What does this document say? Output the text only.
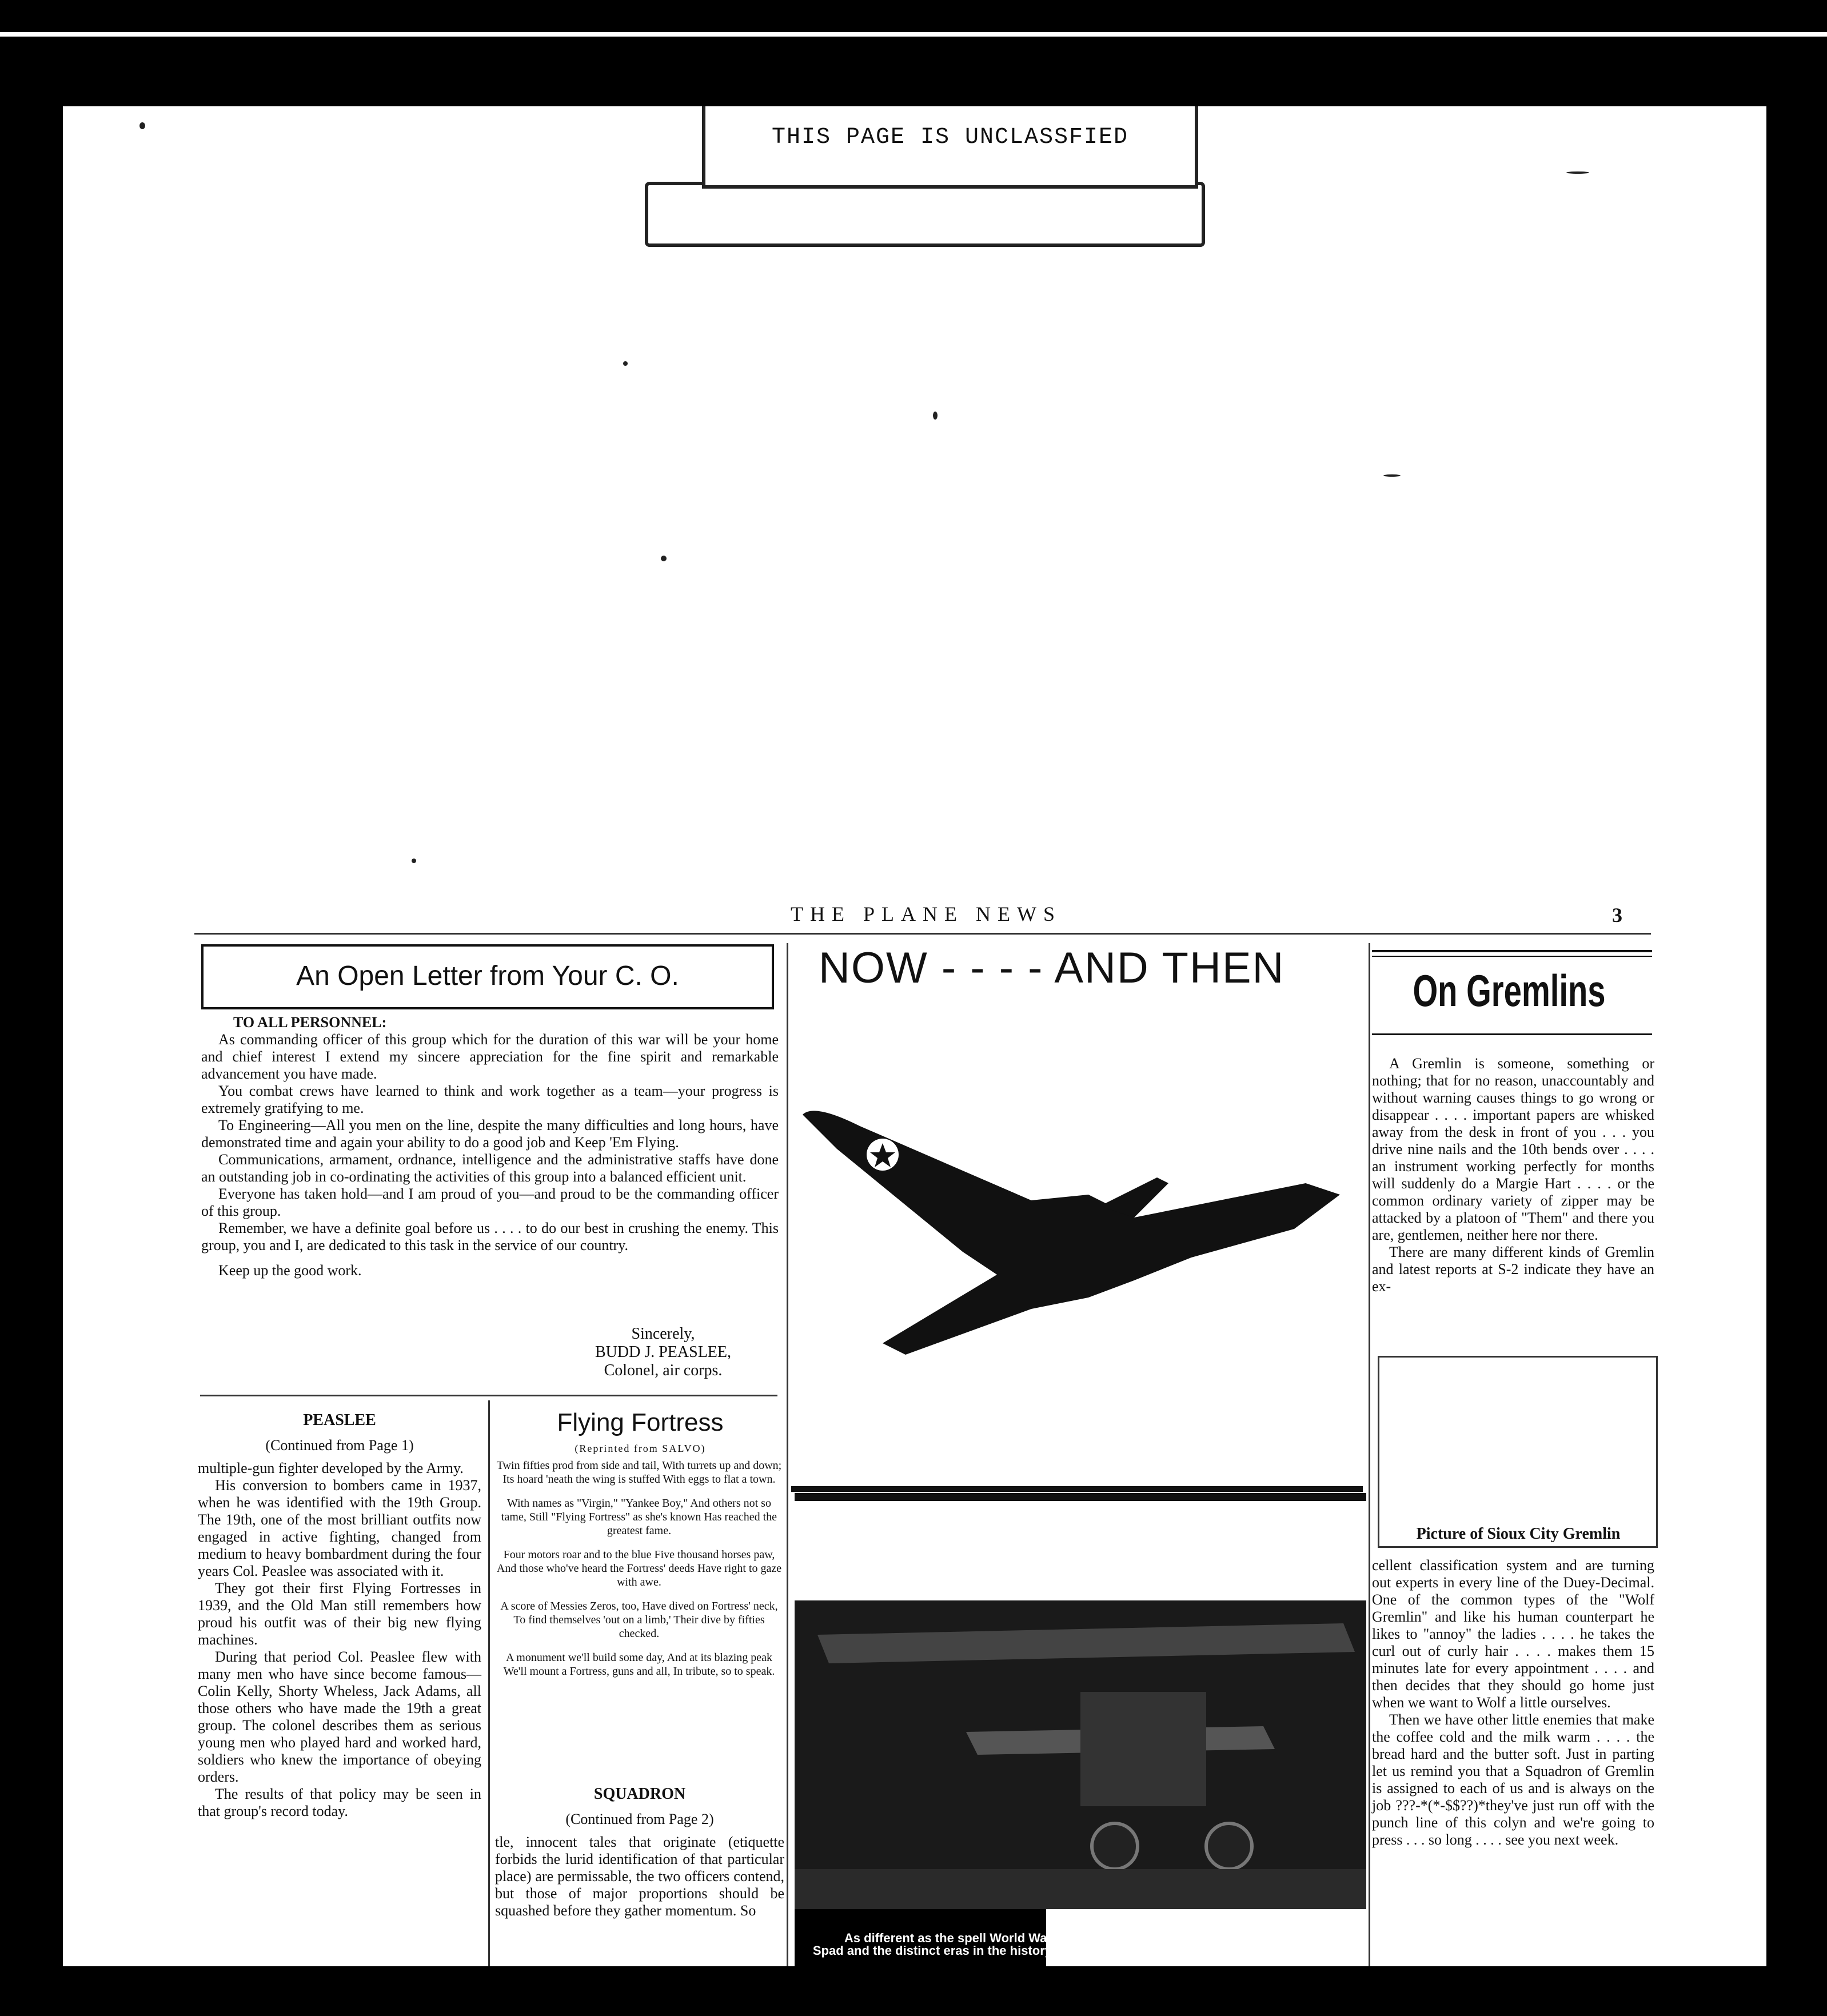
THIS PAGE IS UNCLASSFIED
THE PLANE NEWS	3
An Open Letter from Your C. O.
TO ALL PERSONNEL:

As commanding officer of this group which for the duration of this war will be your home and chief interest I extend my sincere appreciation for the fine spirit and remarkable advancement you have made.

You combat crews have learned to think and work together as a team—your progress is extremely gratifying to me.

To Engineering—All you men on the line, despite the many difficulties and long hours, have demonstrated time and again your ability to do a good job and Keep 'Em Flying.

Communications, armament, ordnance, intelligence and the administrative staffs have done an outstanding job in co-ordinating the activities of this group into a balanced efficient unit.

Everyone has taken hold—and I am proud of you—and proud to be the commanding officer of this group.

Remember, we have a definite goal before us . . . . to do our best in crushing the enemy. This group, you and I, are dedicated to this task in the service of our country.

Keep up the good work.

Sincerely,
BUDD J. PEASLEE,
Colonel, air corps.
PEASLEE
(Continued from Page 1)

multiple-gun fighter developed by the Army.

His conversion to bombers came in 1937, when he was identified with the 19th Group. The 19th, one of the most brilliant outfits now engaged in active fighting, changed from medium to heavy bombardment during the four years Col. Peaslee was associated with it.

They got their first Flying Fortresses in 1939, and the Old Man still remembers how proud his outfit was of their big new flying machines.

During that period Col. Peaslee flew with many men who have since become famous—Colin Kelly, Shorty Wheless, Jack Adams, all those others who have made the 19th a great group. The colonel describes them as serious young men who played hard and worked hard, soldiers who knew the importance of obeying orders.

The results of that policy may be seen in that group's record today.

Flying Fortress
(Reprinted from SALVO)

Twin fifties prod from side and tail, With turrets up and down; Its hoard 'neath the wing is stuffed With eggs to flat a town.

With names as "Virgin," "Yankee Boy," And others not so tame, Still "Flying Fortress" as she's known Has reached the greatest fame.

Four motors roar and to the blue Five thousand horses paw, And those who've heard the Fortress' deeds Have right to gaze with awe.

A score of Messies Zeros, too, Have dived on Fortress' neck, To find themselves 'out on a limb,' Their dive by fifties checked.

A monument we'll build some day, And at its blazing peak We'll mount a Fortress, guns and all, In tribute, so to speak.

SQUADRON
(Continued from Page 2)

tle, innocent tales that originate (etiquette forbids the lurid identification of that particular place) are permissable, the two officers contend, but those of major proportions should be squashed before they gather momentum. So

NOW - - - - AND THEN
As different as the spell World War Spad and the distinct eras in the history
On Gremlins

A Gremlin is someone, something or nothing; that for no reason, unaccountably and without warning causes things to go wrong or disappear . . . . important papers are whisked away from the desk in front of you . . . you drive nine nails and the 10th bends over . . . . an instrument working perfectly for months will suddenly do a Margie Hart . . . . or the common ordinary variety of zipper may be attacked by a platoon of "Them" and there you are, gentlemen, neither here nor there.

There are many different kinds of Gremlin and latest reports at S-2 indicate they have an ex-

Picture of Sioux City Gremlin

cellent classification system and are turning out experts in every line of the Duey-Decimal. One of the common types of the "Wolf Gremlin" and like his human counterpart he likes to "annoy" the ladies . . . . he takes the curl out of curly hair . . . . makes them 15 minutes late for every appointment . . . . and then decides that they should go home just when we want to Wolf a little ourselves.

Then we have other little enemies that make the coffee cold and the milk warm . . . . the bread hard and the butter soft. Just in parting let us remind you that a Squadron of Gremlin is assigned to each of us and is always on the job ???-*(*-$$??)*they've just run off with the punch line of this colyn and we're going to press . . . so long . . . . see you next week.
